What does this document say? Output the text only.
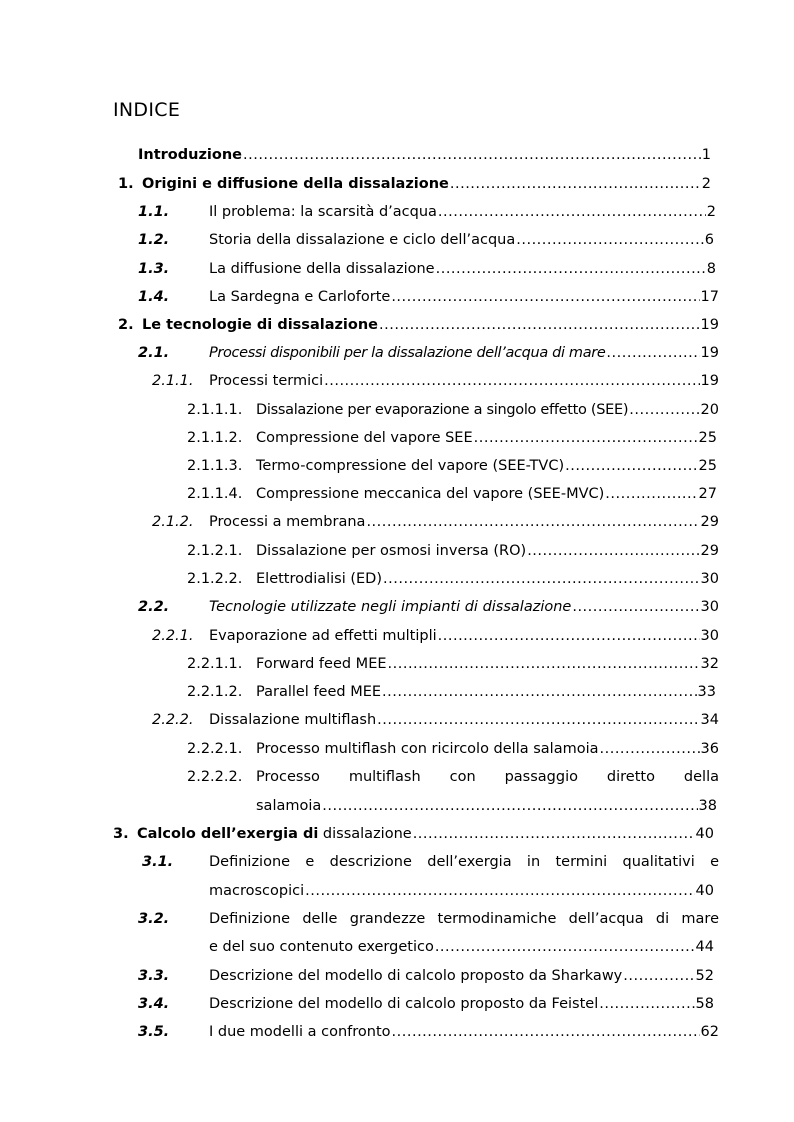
INDICE
Introduzione .....	1
1. Origini e diffusione della dissalazione .....	2
1.1.	Il problema: la scarsità d’acqua .....	2
1.2.	Storia della dissalazione e ciclo dell’acqua .....	6
1.3.	La diffusione della dissalazione .....	8
1.4.	La Sardegna e Carloforte .....	17
2. Le tecnologie di dissalazione .....	19
2.1.	Processi disponibili per la dissalazione dell’acqua di mare .....	19
2.1.1. Processi termici .....	19
2.1.1.1. Dissalazione per evaporazione a singolo effetto (SEE) .....	20
2.1.1.2. Compressione del vapore SEE .....	25
2.1.1.3. Termo-compressione del vapore (SEE-TVC) .....	25
2.1.1.4. Compressione meccanica del vapore (SEE-MVC) .....	27
2.1.2. Processi a membrana .....	29
2.1.2.1. Dissalazione per osmosi inversa (RO) .....	29
2.1.2.2. Elettrodialisi (ED) .....	30
2.2.	Tecnologie utilizzate negli impianti di dissalazione .....	30
2.2.1. Evaporazione ad effetti multipli .....	30
2.2.1.1. Forward feed MEE .....	32
2.2.1.2. Parallel feed MEE .....	33
2.2.2. Dissalazione multiflash .....	34
2.2.2.1. Processo multiflash con ricircolo della salamoia .....	36
2.2.2.2. Processo multiflash con passaggio diretto della
salamoia .....	38
3. Calcolo dell’exergia di dissalazione .....	40
3.1. Definizione e descrizione dell’exergia in termini qualitativi e
macroscopici .....	40
3.2.	Definizione delle grandezze termodinamiche dell’acqua di mare
e del suo contenuto exergetico .....	44
3.3.	Descrizione del modello di calcolo proposto da Sharkawy .....	52
3.4.	Descrizione del modello di calcolo proposto da Feistel .....	58
3.5.	I due modelli a confronto .....	62
